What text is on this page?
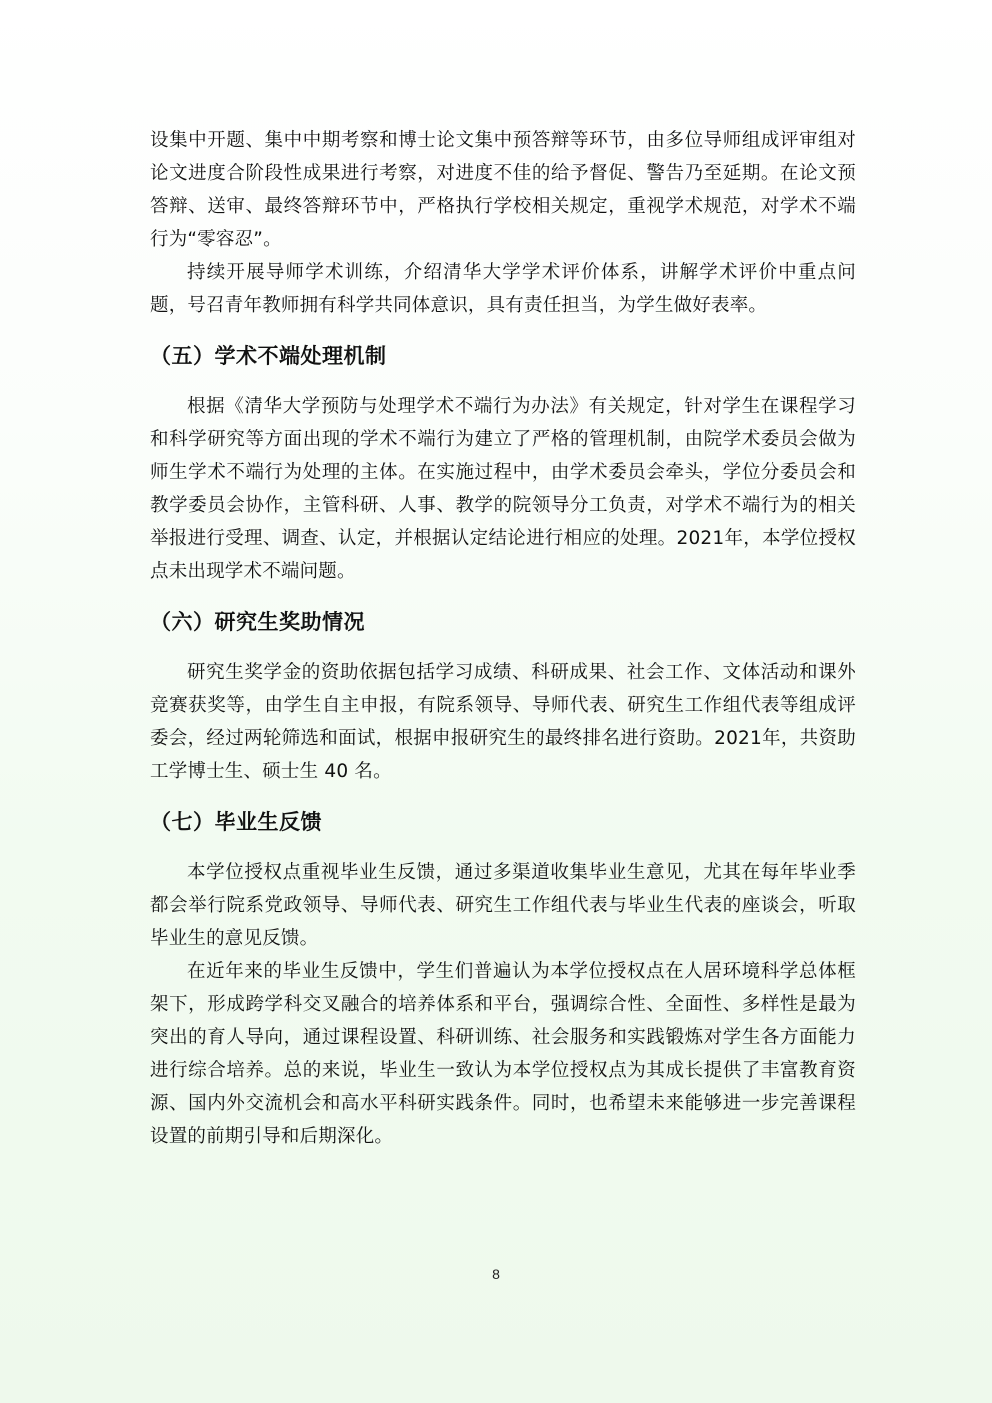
设集中开题、集中中期考察和博士论文集中预答辩等环节，由多位导师组成评审组对论文进度合阶段性成果进行考察，对进度不佳的给予督促、警告乃至延期。在论文预答辩、送审、最终答辩环节中，严格执行学校相关规定，重视学术规范，对学术不端行为“零容忍”。

持续开展导师学术训练，介绍清华大学学术评价体系，讲解学术评价中重点问题，号召青年教师拥有科学共同体意识，具有责任担当，为学生做好表率。

（五）学术不端处理机制

根据《清华大学预防与处理学术不端行为办法》有关规定，针对学生在课程学习和科学研究等方面出现的学术不端行为建立了严格的管理机制，由院学术委员会做为师生学术不端行为处理的主体。在实施过程中，由学术委员会牵头，学位分委员会和教学委员会协作，主管科研、人事、教学的院领导分工负责，对学术不端行为的相关举报进行受理、调查、认定，并根据认定结论进行相应的处理。2021年，本学位授权点未出现学术不端问题。

（六）研究生奖助情况

研究生奖学金的资助依据包括学习成绩、科研成果、社会工作、文体活动和课外竞赛获奖等，由学生自主申报，有院系领导、导师代表、研究生工作组代表等组成评委会，经过两轮筛选和面试，根据申报研究生的最终排名进行资助。2021年，共资助工学博士生、硕士生 40 名。

（七）毕业生反馈

本学位授权点重视毕业生反馈，通过多渠道收集毕业生意见，尤其在每年毕业季都会举行院系党政领导、导师代表、研究生工作组代表与毕业生代表的座谈会，听取毕业生的意见反馈。

在近年来的毕业生反馈中，学生们普遍认为本学位授权点在人居环境科学总体框架下，形成跨学科交叉融合的培养体系和平台，强调综合性、全面性、多样性是最为突出的育人导向，通过课程设置、科研训练、社会服务和实践锻炼对学生各方面能力进行综合培养。总的来说，毕业生一致认为本学位授权点为其成长提供了丰富教育资源、国内外交流机会和高水平科研实践条件。同时，也希望未来能够进一步完善课程设置的前期引导和后期深化。

8
